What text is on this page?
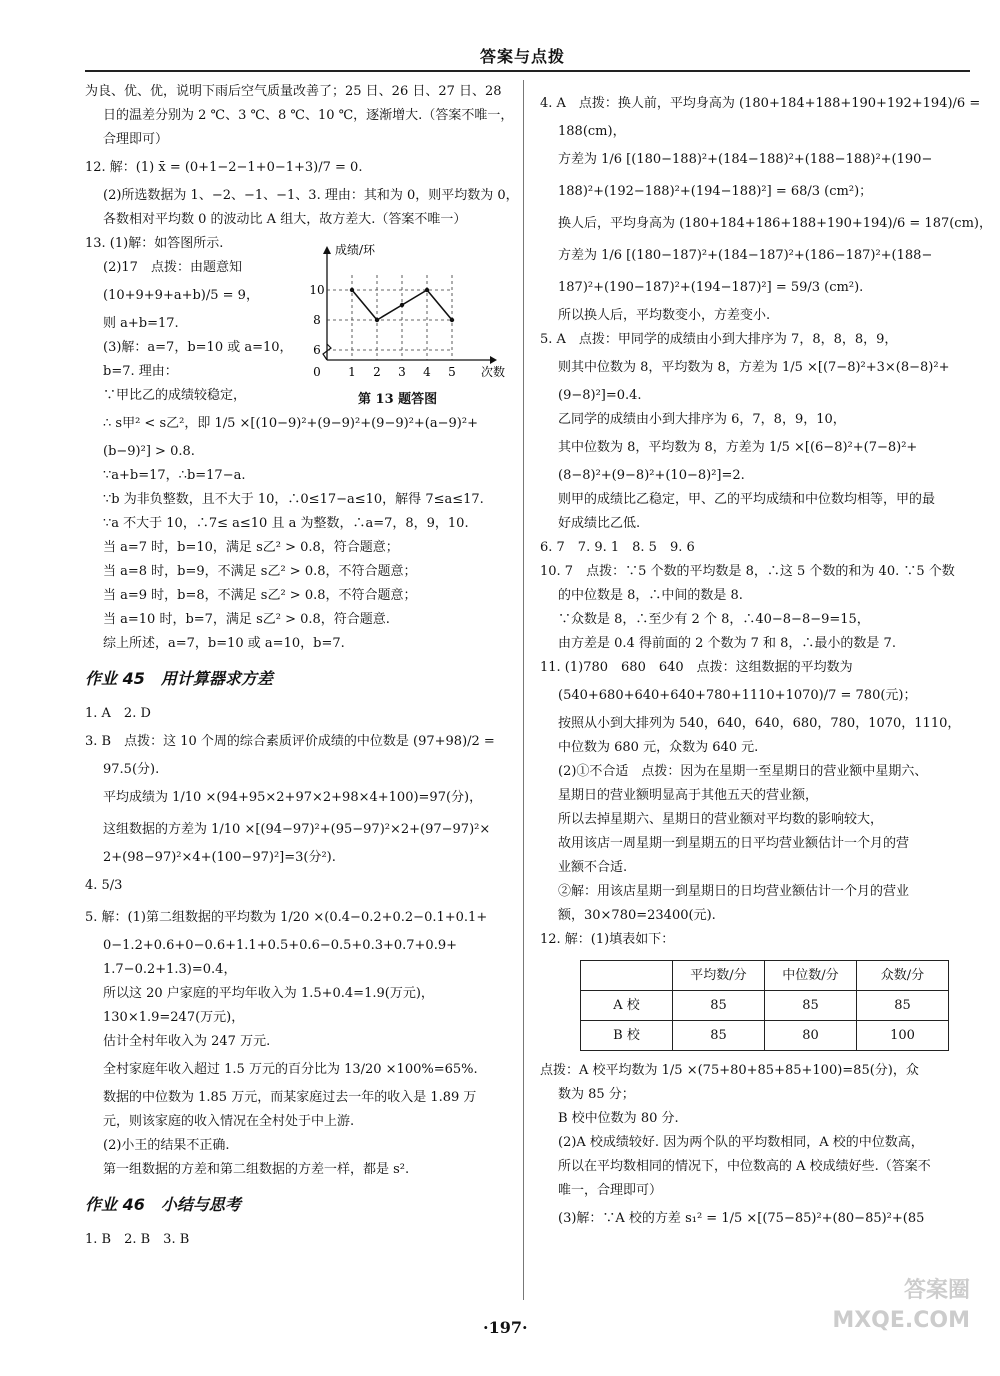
答案与点拨

为良、优、优，说明下雨后空气质量改善了；25 日、26 日、27 日、28

日的温差分别为 2 ℃、3 ℃、8 ℃、10 ℃，逐渐增大.（答案不唯一，

合理即可）

12. 解：(1) x̄ = (0+1−2−1+0−1+3)/7 = 0.

(2)所选数据为 1、−2、−1、−1、3. 理由：其和为 0，则平均数为 0，

各数相对平均数 0 的波动比 A 组大，故方差大.（答案不唯一）

13. (1)解：如答图所示.

(2)17　点拨：由题意知

(10+9+9+a+b)/5 = 9，

则 a+b=17.

(3)解：a=7，b=10 或 a=10，

b=7. 理由：

∵甲比乙的成绩较稳定，

∴ s甲² < s乙²，即 1/5 ×[(10−9)²+(9−9)²+(9−9)²+(a−9)²+

(b−9)²] > 0.8.

∵a+b=17，∴b=17−a.

∵b 为非负整数，且不大于 10，∴0≤17−a≤10，解得 7≤a≤17.

∵a 不大于 10，∴7≤ a≤10 且 a 为整数，∴a=7，8，9，10.

当 a=7 时，b=10，满足 s乙² > 0.8，符合题意；

当 a=8 时，b=9，不满足 s乙² > 0.8，不符合题意；

当 a=9 时，b=8，不满足 s乙² > 0.8，不符合题意；

当 a=10 时，b=7，满足 s乙² > 0.8，符合题意.

综上所述，a=7，b=10 或 a=10，b=7.

作业 45　用计算器求方差

1. A　2. D

3. B　点拨：这 10 个周的综合素质评价成绩的中位数是 (97+98)/2 =

97.5(分).

平均成绩为 1/10 ×(94+95×2+97×2+98×4+100)=97(分)，

这组数据的方差为 1/10 ×[(94−97)²+(95−97)²×2+(97−97)²×

2+(98−97)²×4+(100−97)²]=3(分²).

4. 5/3

5. 解：(1)第二组数据的平均数为 1/20 ×(0.4−0.2+0.2−0.1+0.1+

0−1.2+0.6+0−0.6+1.1+0.5+0.6−0.5+0.3+0.7+0.9+

1.7−0.2+1.3)=0.4，

所以这 20 户家庭的平均年收入为 1.5+0.4=1.9(万元)，

130×1.9=247(万元)，

估计全村年收入为 247 万元.

全村家庭年收入超过 1.5 万元的百分比为 13/20 ×100%=65%.

数据的中位数为 1.85 万元，而某家庭过去一年的收入是 1.89 万

元，则该家庭的收入情况在全村处于中上游.

(2)小王的结果不正确.

第一组数据的方差和第二组数据的方差一样，都是 s².

作业 46　小结与思考

1. B　2. B　3. B

0 1 2 3 4 5
6
8
10
次数
成绩/环
第 13 题答图

4. A　点拨：换人前，平均身高为 (180+184+188+190+192+194)/6 =

188(cm)，

方差为 1/6 [(180−188)²+(184−188)²+(188−188)²+(190−

188)²+(192−188)²+(194−188)²] = 68/3 (cm²)；

换人后，平均身高为 (180+184+186+188+190+194)/6 = 187(cm)，

方差为 1/6 [(180−187)²+(184−187)²+(186−187)²+(188−

187)²+(190−187)²+(194−187)²] = 59/3 (cm²).

所以换人后，平均数变小，方差变小.

5. A　点拨：甲同学的成绩由小到大排序为 7，8，8，8，9，

则其中位数为 8，平均数为 8，方差为 1/5 ×[(7−8)²+3×(8−8)²+

(9−8)²]=0.4.

乙同学的成绩由小到大排序为 6，7，8，9，10，

其中位数为 8，平均数为 8，方差为 1/5 ×[(6−8)²+(7−8)²+

(8−8)²+(9−8)²+(10−8)²]=2.

则甲的成绩比乙稳定，甲、乙的平均成绩和中位数均相等，甲的最

好成绩比乙低.

6. 7　7. 9. 1　8. 5　9. 6

10. 7　点拨：∵5 个数的平均数是 8，∴这 5 个数的和为 40. ∵5 个数

的中位数是 8，∴中间的数是 8.

∵众数是 8，∴至少有 2 个 8，∴40−8−8−9=15，

由方差是 0.4 得前面的 2 个数为 7 和 8，∴最小的数是 7.

11. (1)780　680　640　点拨：这组数据的平均数为

(540+680+640+640+780+1110+1070)/7 = 780(元)；

按照从小到大排列为 540，640，640，680，780，1070，1110，

中位数为 680 元，众数为 640 元.

(2)①不合适　点拨：因为在星期一至星期日的营业额中星期六、

星期日的营业额明显高于其他五天的营业额，

所以去掉星期六、星期日的营业额对平均数的影响较大，

故用该店一周星期一到星期五的日平均营业额估计一个月的营

业额不合适.

②解：用该店星期一到星期日的日均营业额估计一个月的营业

额，30×780=23400(元).

12. 解：(1)填表如下：

	平均数/分	中位数/分	众数/分
A 校	85	85	85
B 校	85	80	100

点拨：A 校平均数为 1/5 ×(75+80+85+85+100)=85(分)，众

数为 85 分；

B 校中位数为 80 分.

(2)A 校成绩较好. 因为两个队的平均数相同，A 校的中位数高，

所以在平均数相同的情况下，中位数高的 A 校成绩好些.（答案不

唯一，合理即可）

(3)解：∵A 校的方差 s₁² = 1/5 ×[(75−85)²+(80−85)²+(85

·197·
答案圈
MXQE.COM
